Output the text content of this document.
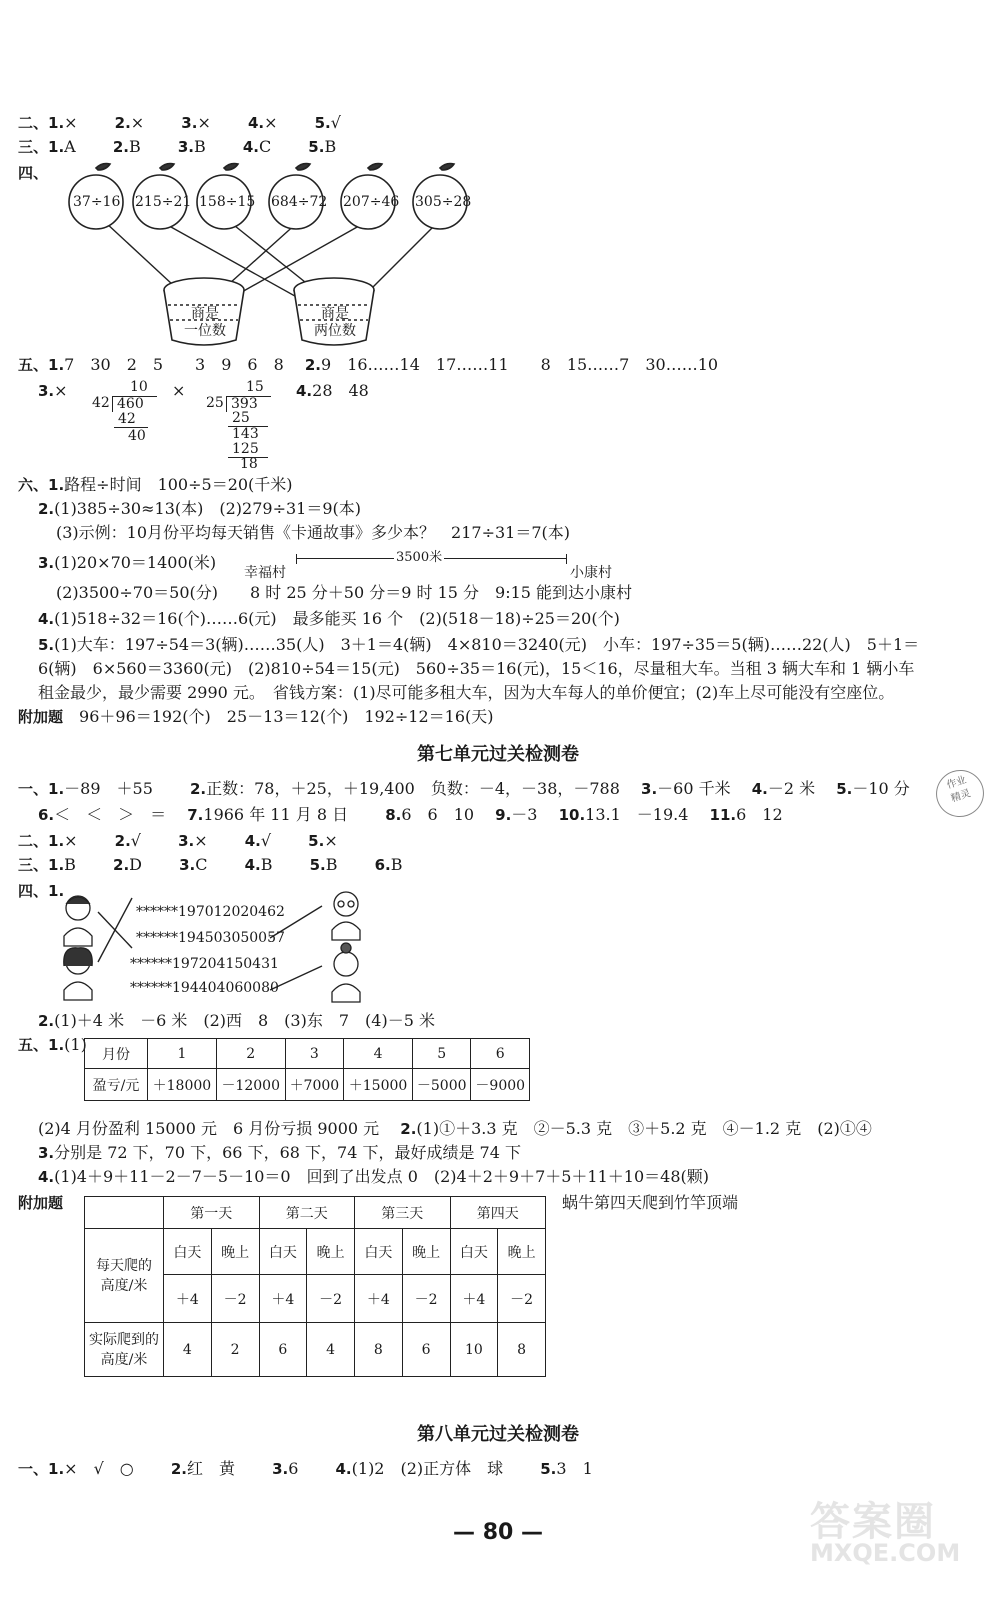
二、1.×　　 2.×　　 3.×　　 4.×　　 5.√
三、1.A　　 2.B　　 3.B　　 4.C　　 5.B
四、
37÷16 215÷21 158÷15 684÷72 207÷46 305÷28
商是
一位数
商是
两位数
五、1.7　30　2　5　　3　9　6　8　 2.9　16……14　17……11　　8　15……7　30……10
3.×	×	4.28　48
10
42 460
42
40
15
25 393
25
143
125
18
六、1.路程÷时间　100÷5＝20(千米)
2.(1)385÷30≈13(本)　(2)279÷31＝9(本)
(3)示例：10月份平均每天销售《卡通故事》多少本？　217÷31＝7(本)
3.(1)20×70＝1400(米)
幸福村
3500米
小康村
(2)3500÷70＝50(分)　　8 时 25 分＋50 分＝9 时 15 分　9:15 能到达小康村
4.(1)518÷32＝16(个)……6(元)　最多能买 16 个　(2)(518－18)÷25＝20(个)
5.(1)大车：197÷54＝3(辆)……35(人)　3＋1＝4(辆)　4×810＝3240(元)　小车：197÷35＝5(辆)……22(人)　5＋1＝
6(辆)　6×560＝3360(元)　(2)810÷54＝15(元)　560÷35＝16(元)，15＜16，尽量租大车。当租 3 辆大车和 1 辆小车
租金最少，最少需要 2990 元。　省钱方案：(1)尽可能多租大车，因为大车每人的单价便宜；(2)车上尽可能没有空座位。
附加题　 96＋96＝192(个)　25－13＝12(个)　192÷12＝16(天)
第七单元过关检测卷
一、1.－89　＋55　　 2.正数：78，＋25，＋19,400　负数：－4，－38，－788　 3.－60 千米　 4.－2 米　 5.－10 分
6.＜　＜　＞　＝　 7.1966 年 11 月 8 日　　 8.6　6　10　 9.－3　 10.13.1　－19.4　 11.6　12
二、1.×　　 2.√　　 3.×　　 4.√　　 5.×
三、1.B　　 2.D　　 3.C　　 4.B　　 5.B　　 6.B
四、1.
******197012020462
******194503050057
******197204150431
******194404060080
2.(1)＋4 米　－6 米　(2)西　8　(3)东　7　(4)－5 米
五、1.(1)
月份	1	2	3	4	5	6
盈亏/元	＋18000	－12000	＋7000	＋15000	－5000	－9000
(2)4 月份盈利 15000 元　6 月份亏损 9000 元　 2.(1)①＋3.3 克　②－5.3 克　③＋5.2 克　④－1.2 克　(2)①④
3.分别是 72 下，70 下，66 下，68 下，74 下，最好成绩是 74 下
4.(1)4＋9＋11－2－7－5－10＝0　回到了出发点 0　(2)4＋2＋9＋7＋5＋11＋10＝48(颗)
附加题	蜗牛第四天爬到竹竿顶端
	第一天		第二天		第三天		第四天	
每天爬的高度/米	白天	晚上	白天	晚上	白天	晚上	白天	晚上
	＋4	－2	＋4	－2	＋4	－2	＋4	－2
实际爬到的高度/米	4	2	6	4	8	6	10	8
第八单元过关检测卷
一、1.×　√　○　　 2.红　黄　　 3.6　　 4.(1)2　(2)正方体　球　　 5.3　1
— 80 —
作业
精灵
答案圈
MXQE.COM
